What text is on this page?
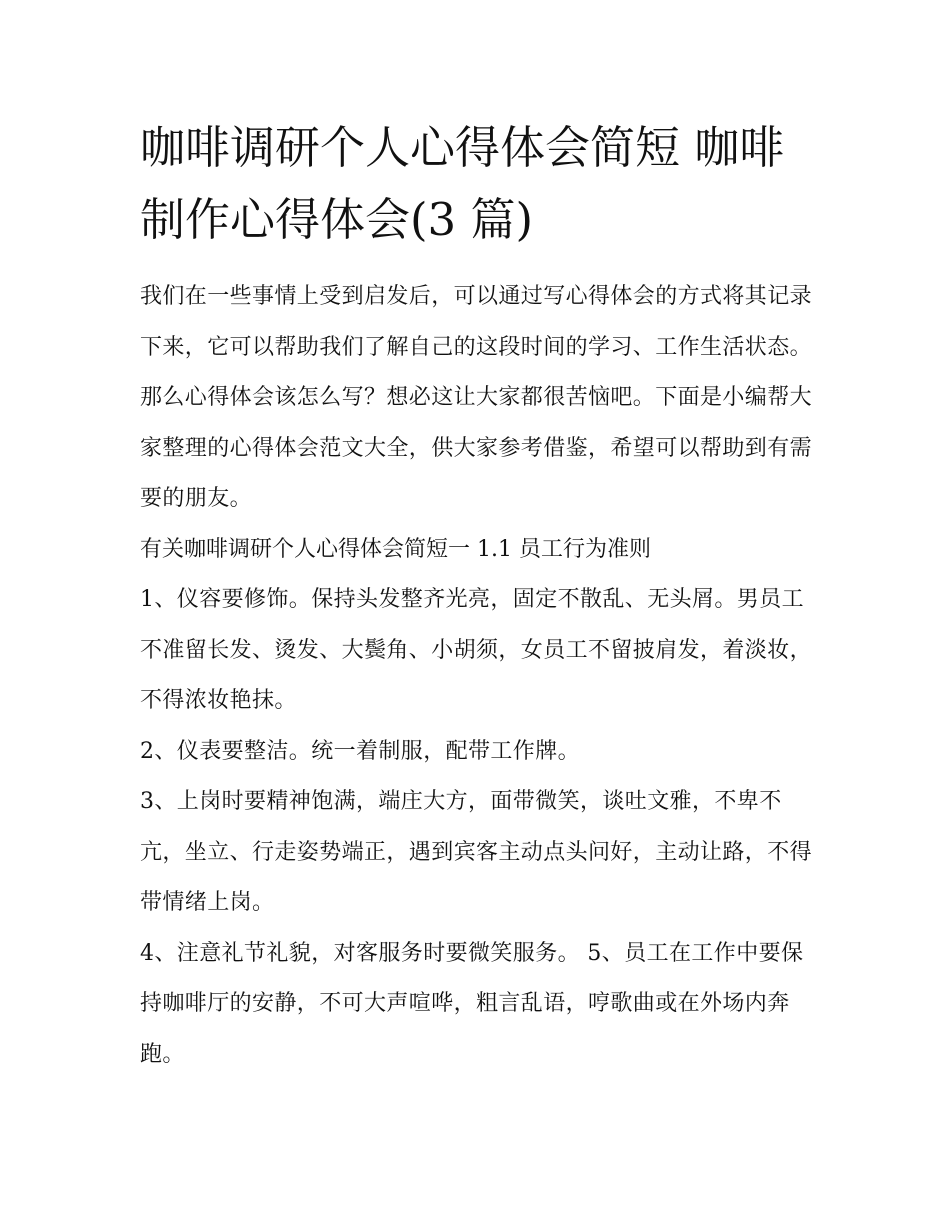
咖啡调研个人心得体会简短 咖啡制作心得体会(3 篇)

我们在一些事情上受到启发后，可以通过写心得体会的方式将其记录下来，它可以帮助我们了解自己的这段时间的学习、工作生活状态。那么心得体会该怎么写？想必这让大家都很苦恼吧。下面是小编帮大家整理的心得体会范文大全，供大家参考借鉴，希望可以帮助到有需要的朋友。

有关咖啡调研个人心得体会简短一 1.1 员工行为准则

1、仪容要修饰。保持头发整齐光亮，固定不散乱、无头屑。男员工不准留长发、烫发、大鬓角、小胡须，女员工不留披肩发，着淡妆，不得浓妆艳抹。

2、仪表要整洁。统一着制服，配带工作牌。

3、上岗时要精神饱满，端庄大方，面带微笑，谈吐文雅，不卑不亢，坐立、行走姿势端正，遇到宾客主动点头问好，主动让路，不得带情绪上岗。

4、注意礼节礼貌，对客服务时要微笑服务。 5、员工在工作中要保持咖啡厅的安静，不可大声喧哗，粗言乱语，哼歌曲或在外场内奔跑。
